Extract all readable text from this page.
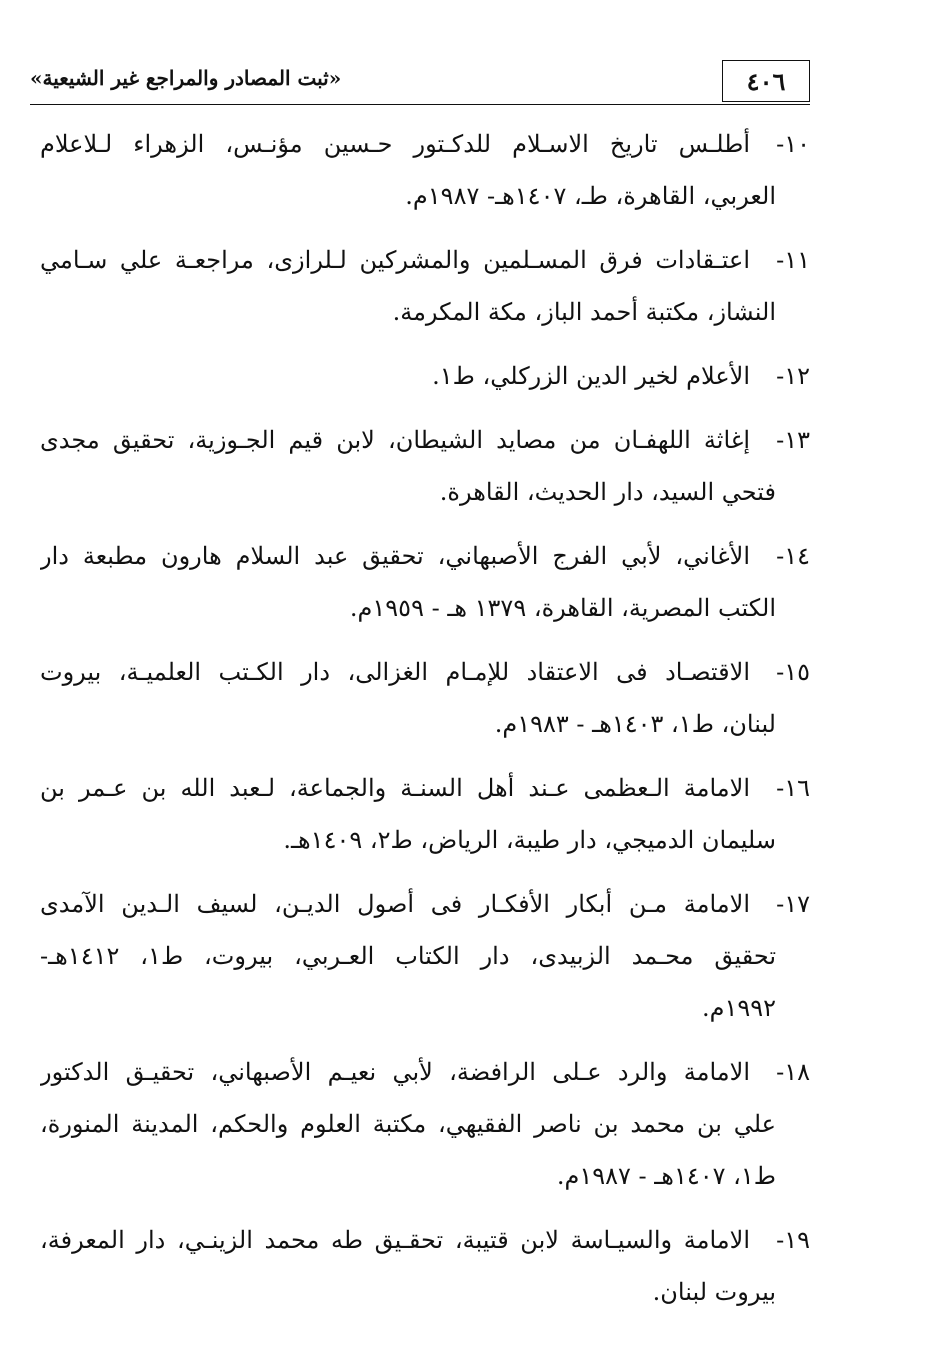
٤٠٦
«ثبت المصادر والمراجع غير الشيعية»
١٠-
أطلـس تاريخ الاسـلام للدكـتور حـسين مؤنـس، الزهراء لـلاعلام
العربي، القاهرة، طـ، ١٤٠٧هـ- ١٩٨٧م.
١١-
اعتـقادات فرق المسـلمين والمشركين لـلرازى، مراجعـة علي سـامي
النشاز، مكتبة أحمد الباز، مكة المكرمة.
١٢-
الأعلام لخير الدين الزركلي، ط١.
١٣-
إغاثة اللهفـان من مصايد الشيطان، لابن قيم الجـوزية، تحقيق مجدى
فتحي السيد، دار الحديث، القاهرة.
١٤-
الأغاني، لأبي الفرج الأصبهاني، تحقيق عبد السلام هارون مطبعة دار
الكتب المصرية، القاهرة، ١٣٧٩ هـ - ١٩٥٩م.
١٥-
الاقتصـاد فى الاعتقاد للإمـام الغزالى، دار الكـتب العلميـة، بيروت
لبنان، ط١، ١٤٠٣هـ - ١٩٨٣م.
١٦-
الامامة الـعظمى عـند أهل السنـة والجماعة، لـعبد الله بن عـمر بن
سليمان الدميجي، دار طيبة، الرياض، ط٢، ١٤٠٩هـ.
١٧-
الامامة مـن أبكار الأفكـار فى أصول الديـن، لسيف الـدين الآمدى
تحقيق محـمد الزبيدى، دار الكتاب العـربي، بيروت، ط١، ١٤١٢هـ-
١٩٩٢م.
١٨-
الامامة والرد عـلى الرافضة، لأبي نعيـم الأصبهاني، تحقيـق الدكتور
علي بن محمد بن ناصر الفقيهي، مكتبة العلوم والحكم، المدينة المنورة،
ط١، ١٤٠٧هـ - ١٩٨٧م.
١٩-
الامامة والسيـاسة لابن قتيبة، تحقـيق طه محمد الزينـي، دار المعرفة،
بيروت لبنان.
